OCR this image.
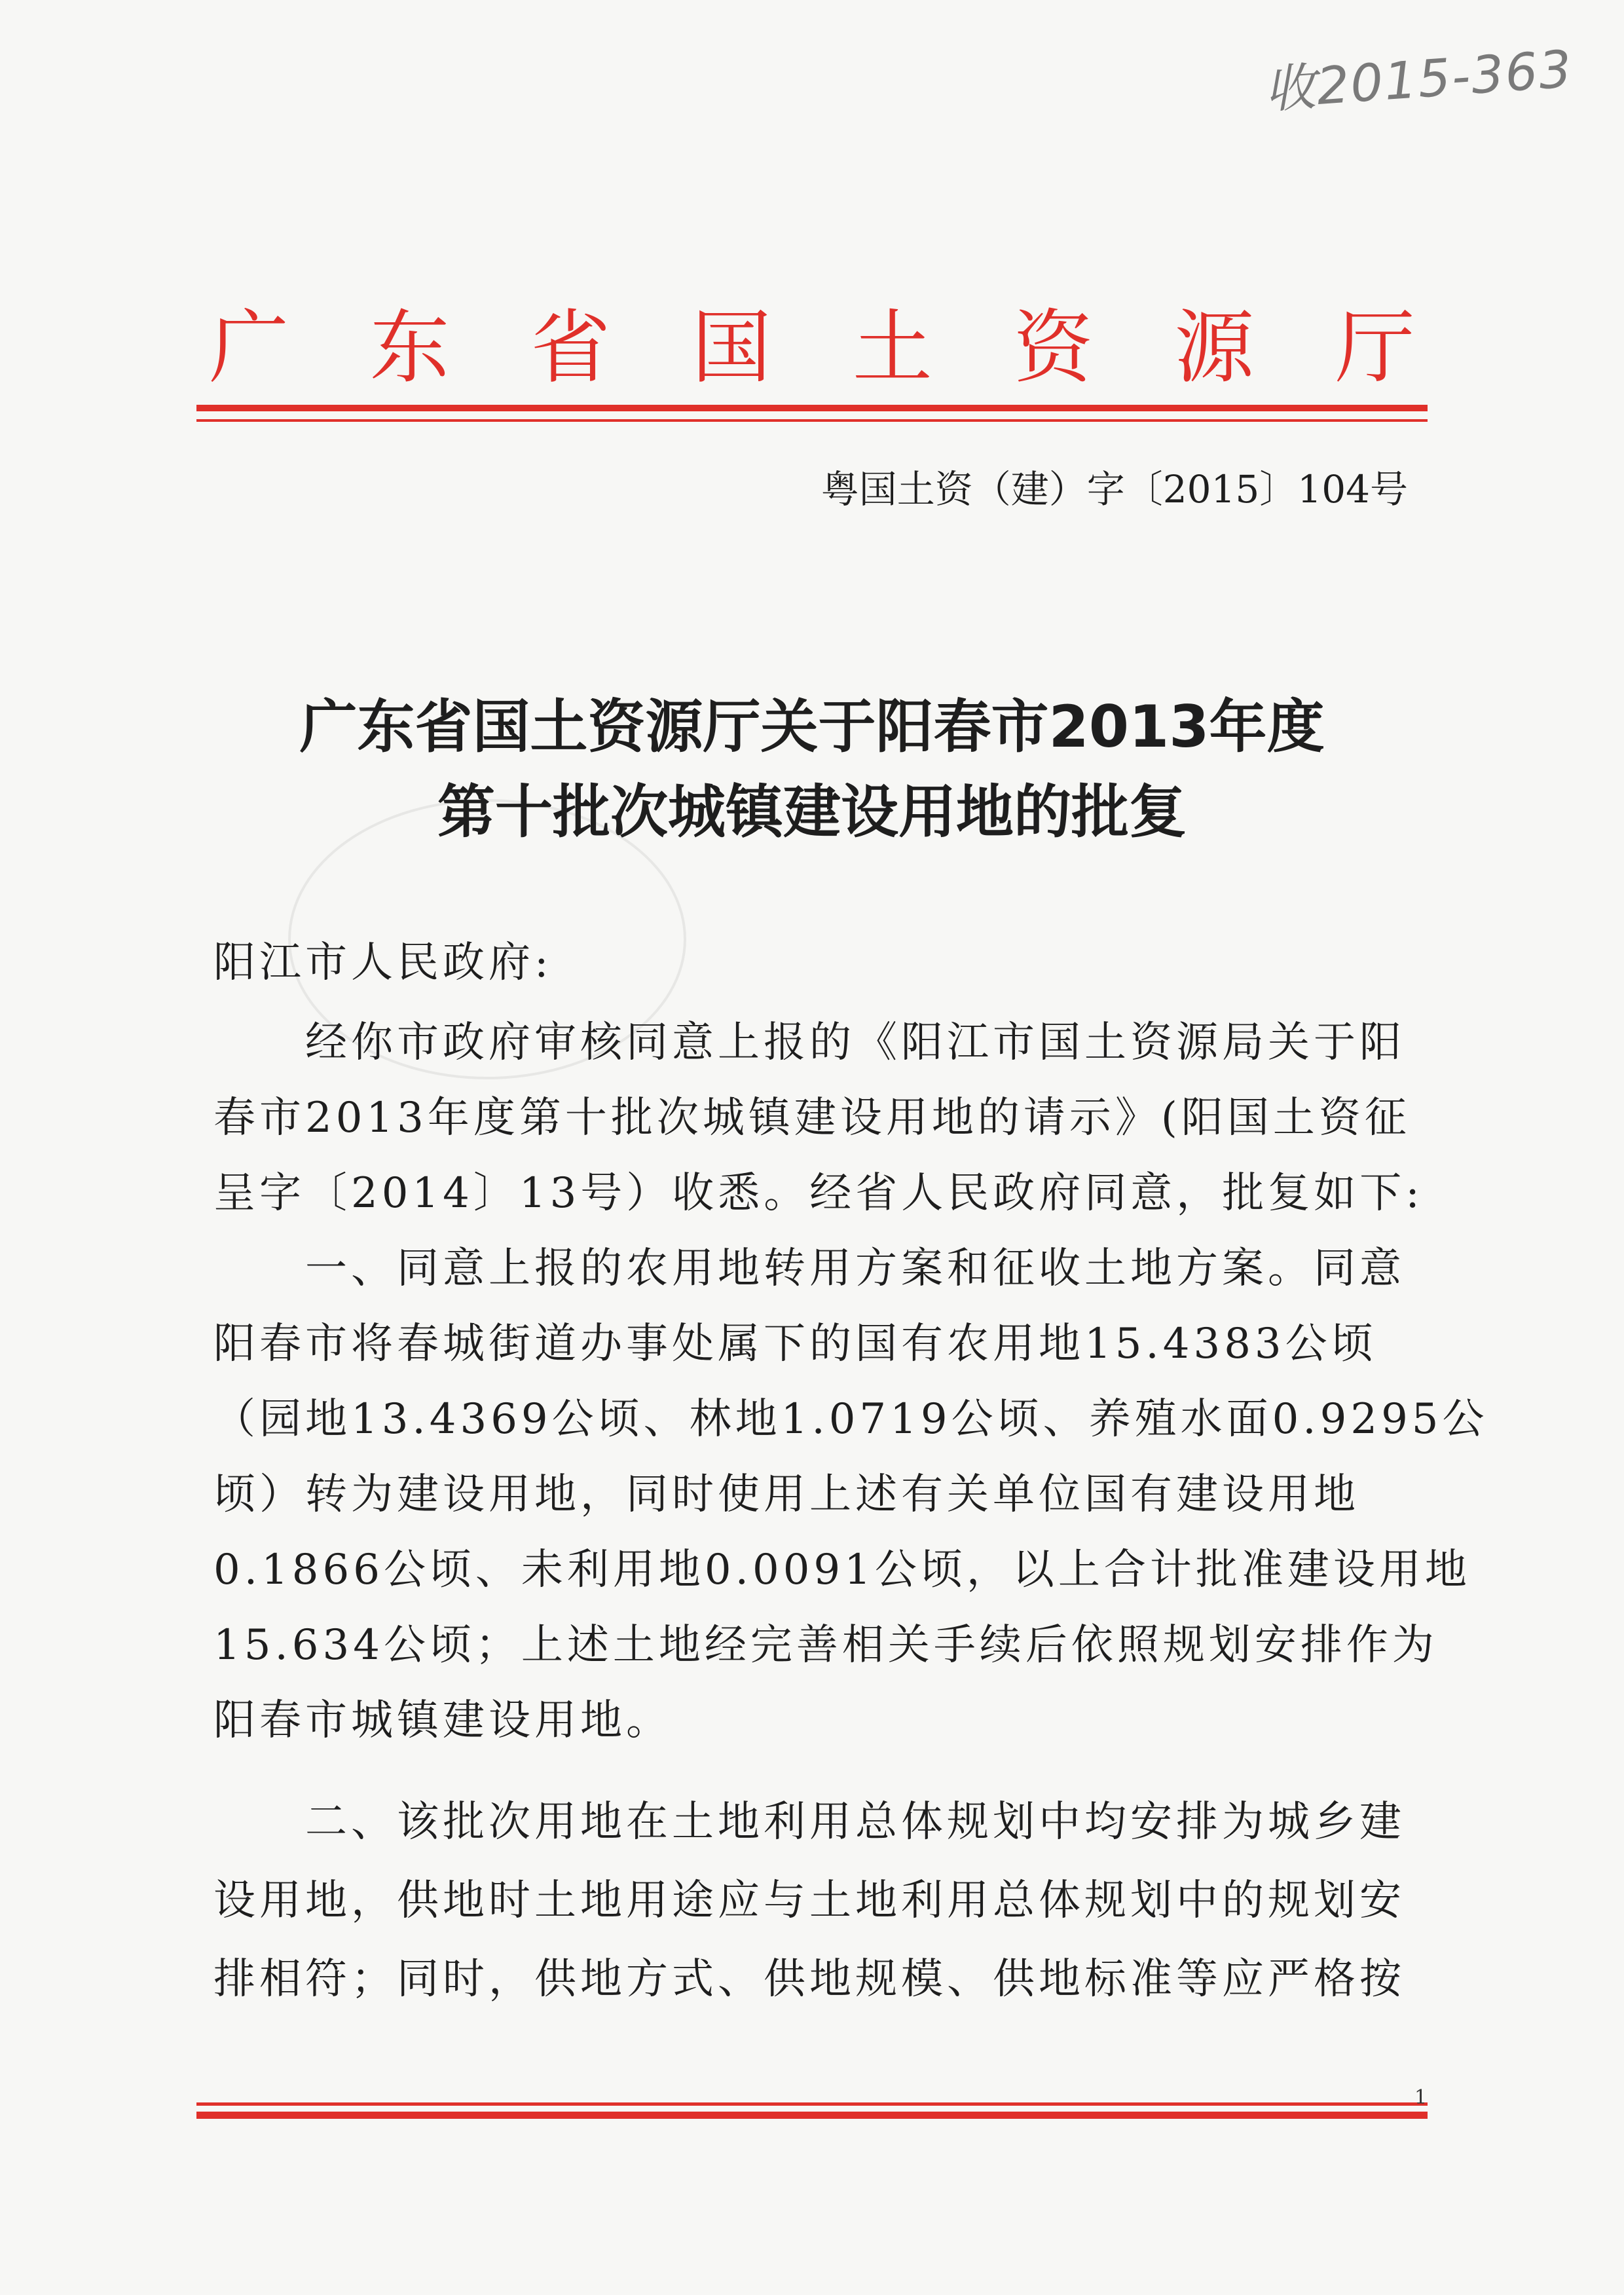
收2015-363
广 东 省 国 土 资 源 厅
粤国土资（建）字〔2015〕104号
广东省国土资源厅关于阳春市2013年度
第十批次城镇建设用地的批复
阳江市人民政府:
　　经你市政府审核同意上报的《阳江市国土资源局关于阳
春市2013年度第十批次城镇建设用地的请示》(阳国土资征
呈字〔2014〕13号）收悉。经省人民政府同意，批复如下:
　　一、同意上报的农用地转用方案和征收土地方案。同意
阳春市将春城街道办事处属下的国有农用地15.4383公顷
（园地13.4369公顷、林地1.0719公顷、养殖水面0.9295公
顷）转为建设用地，同时使用上述有关单位国有建设用地
0.1866公顷、未利用地0.0091公顷，以上合计批准建设用地
15.634公顷；上述土地经完善相关手续后依照规划安排作为
阳春市城镇建设用地。
　　二、该批次用地在土地利用总体规划中均安排为城乡建
设用地，供地时土地用途应与土地利用总体规划中的规划安
排相符；同时，供地方式、供地规模、供地标准等应严格按
1
